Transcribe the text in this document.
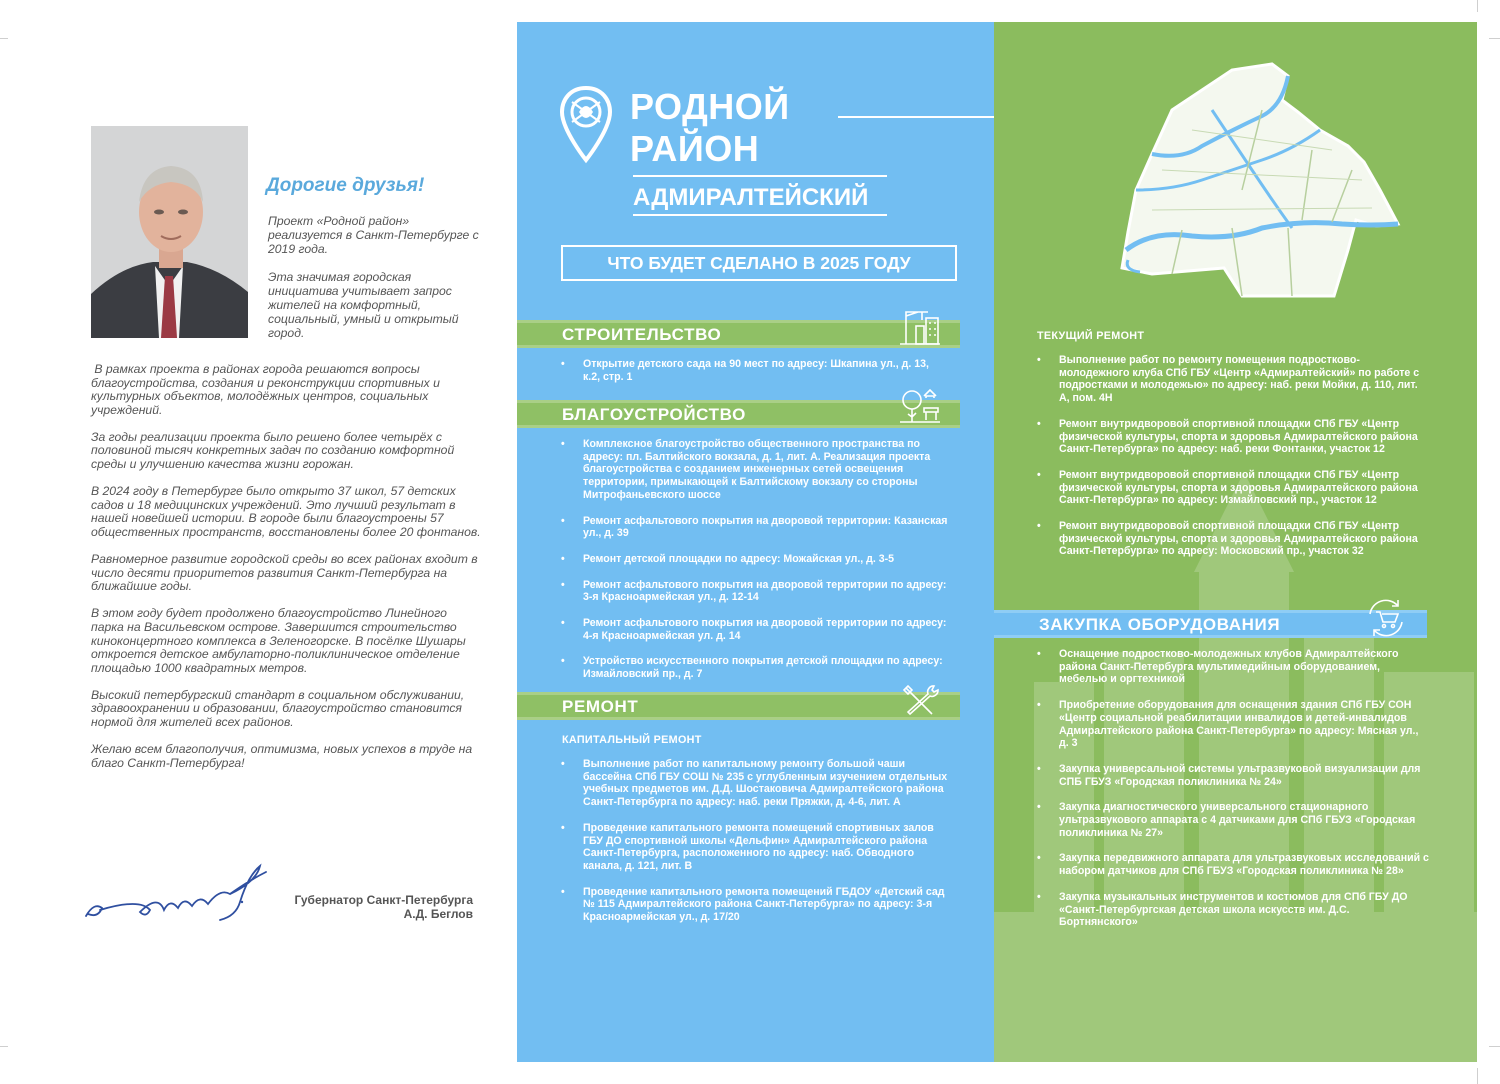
Дорогие друзья!

Проект «Родной район» реализуется в Санкт-Петербурге с 2019 года.

Эта значимая городская инициатива учитывает запрос жителей на комфортный, социальный, умный и открытый город.

В рамках проекта в районах города решаются вопросы благоустройства, создания и реконструкции спортивных и культурных объектов, молодёжных центров, социальных учреждений.

За годы реализации проекта было решено более четырёх с половиной тысяч конкретных задач по созданию комфортной среды и улучшению качества жизни горожан.

В 2024 году в Петербурге было открыто 37 школ, 57 детских садов и 18 медицинских учреждений. Это лучший результат в нашей новейшей истории. В городе были благоустроены 57 общественных пространств, восстановлены более 20 фонтанов.

Равномерное развитие городской среды во всех районах входит в число десяти приоритетов развития Санкт-Петербурга на ближайшие годы.

В этом году будет продолжено благоустройство Линейного парка на Васильевском острове. Завершится строительство киноконцертного комплекса в Зеленогорске. В посёлке Шушары откроется детское амбулаторно-поликлиническое отделение площадью 1000 квадратных метров.

Высокий петербургский стандарт в социальном обслуживании, здравоохранении и образовании, благоустройство становится нормой для жителей всех районов.

Желаю всем благополучия, оптимизма, новых успехов в труде на благо Санкт-Петербурга!

Губернатор Санкт-Петербурга
А.Д. Беглов
РОДНОЙ
РАЙОН
АДМИРАЛТЕЙСКИЙ
ЧТО БУДЕТ СДЕЛАНО В 2025 ГОДУ
СТРОИТЕЛЬСТВО
• Открытие детского сада на 90 мест по адресу: Шкапина ул., д. 13, к.2, стр. 1
БЛАГОУСТРОЙСТВО
• Комплексное благоустройство общественного пространства по адресу: пл. Балтийского вокзала, д. 1, лит. А. Реализация проекта благоустройства с созданием инженерных сетей освещения территории, примыкающей к Балтийскому вокзалу со стороны Митрофаньевского шоссе
• Ремонт асфальтового покрытия на дворовой территории: Казанская ул., д. 39
• Ремонт детской площадки по адресу: Можайская ул., д. 3-5
• Ремонт асфальтового покрытия на дворовой территории по адресу: 3-я Красноармейская ул., д. 12-14
• Ремонт асфальтового покрытия на дворовой территории по адресу: 4-я Красноармейская ул. д. 14
• Устройство искусственного покрытия детской площадки по адресу: Измайловский пр., д. 7
РЕМОНТ
КАПИТАЛЬНЫЙ РЕМОНТ
• Выполнение работ по капитальному ремонту большой чаши бассейна СПб ГБУ СОШ № 235 с углубленным изучением отдельных учебных предметов им. Д.Д. Шостаковича Адмиралтейского района Санкт-Петербурга по адресу: наб. реки Пряжки, д. 4-6, лит. А
• Проведение капитального ремонта помещений спортивных залов ГБУ ДО спортивной школы «Дельфин» Адмиралтейского района Санкт-Петербурга, расположенного по адресу: наб. Обводного канала, д. 121, лит. В
• Проведение капитального ремонта помещений ГБДОУ «Детский сад № 115 Адмиралтейского района Санкт-Петербурга» по адресу: 3-я Красноармейская ул., д. 17/20
ТЕКУЩИЙ РЕМОНТ
• Выполнение работ по ремонту помещения подростково-молодежного клуба СПб ГБУ «Центр «Адмиралтейский» по работе с подростками и молодежью» по адресу: наб. реки Мойки, д. 110, лит. А, пом. 4Н
• Ремонт внутридворовой спортивной площадки СПб ГБУ «Центр физической культуры, спорта и здоровья Адмиралтейского района Санкт-Петербурга» по адресу: наб. реки Фонтанки, участок 12
• Ремонт внутридворовой спортивной площадки СПб ГБУ «Центр физической культуры, спорта и здоровья Адмиралтейского района Санкт-Петербурга» по адресу: Измайловский пр., участок 12
• Ремонт внутридворовой спортивной площадки СПб ГБУ «Центр физической культуры, спорта и здоровья Адмиралтейского района Санкт-Петербурга» по адресу: Московский пр., участок 32
ЗАКУПКА ОБОРУДОВАНИЯ
• Оснащение подростково-молодежных клубов Адмиралтейского района Санкт-Петербурга мультимедийным оборудованием, мебелью и оргтехникой
• Приобретение оборудования для оснащения здания СПб ГБУ СОН «Центр социальной реабилитации инвалидов и детей-инвалидов Адмиралтейского района Санкт-Петербурга» по адресу: Мясная ул., д. 3
• Закупка универсальной системы ультразвуковой визуализации для СПБ ГБУЗ «Городская поликлиника № 24»
• Закупка диагностического универсального стационарного ультразвукового аппарата с 4 датчиками для СПб ГБУЗ «Городская поликлиника № 27»
• Закупка передвижного аппарата для ультразвуковых исследований с набором датчиков для СПб ГБУЗ «Городская поликлиника № 28»
• Закупка музыкальных инструментов и костюмов для СПб ГБУ ДО «Санкт-Петербургская детская школа искусств им. Д.С. Бортнянского»
